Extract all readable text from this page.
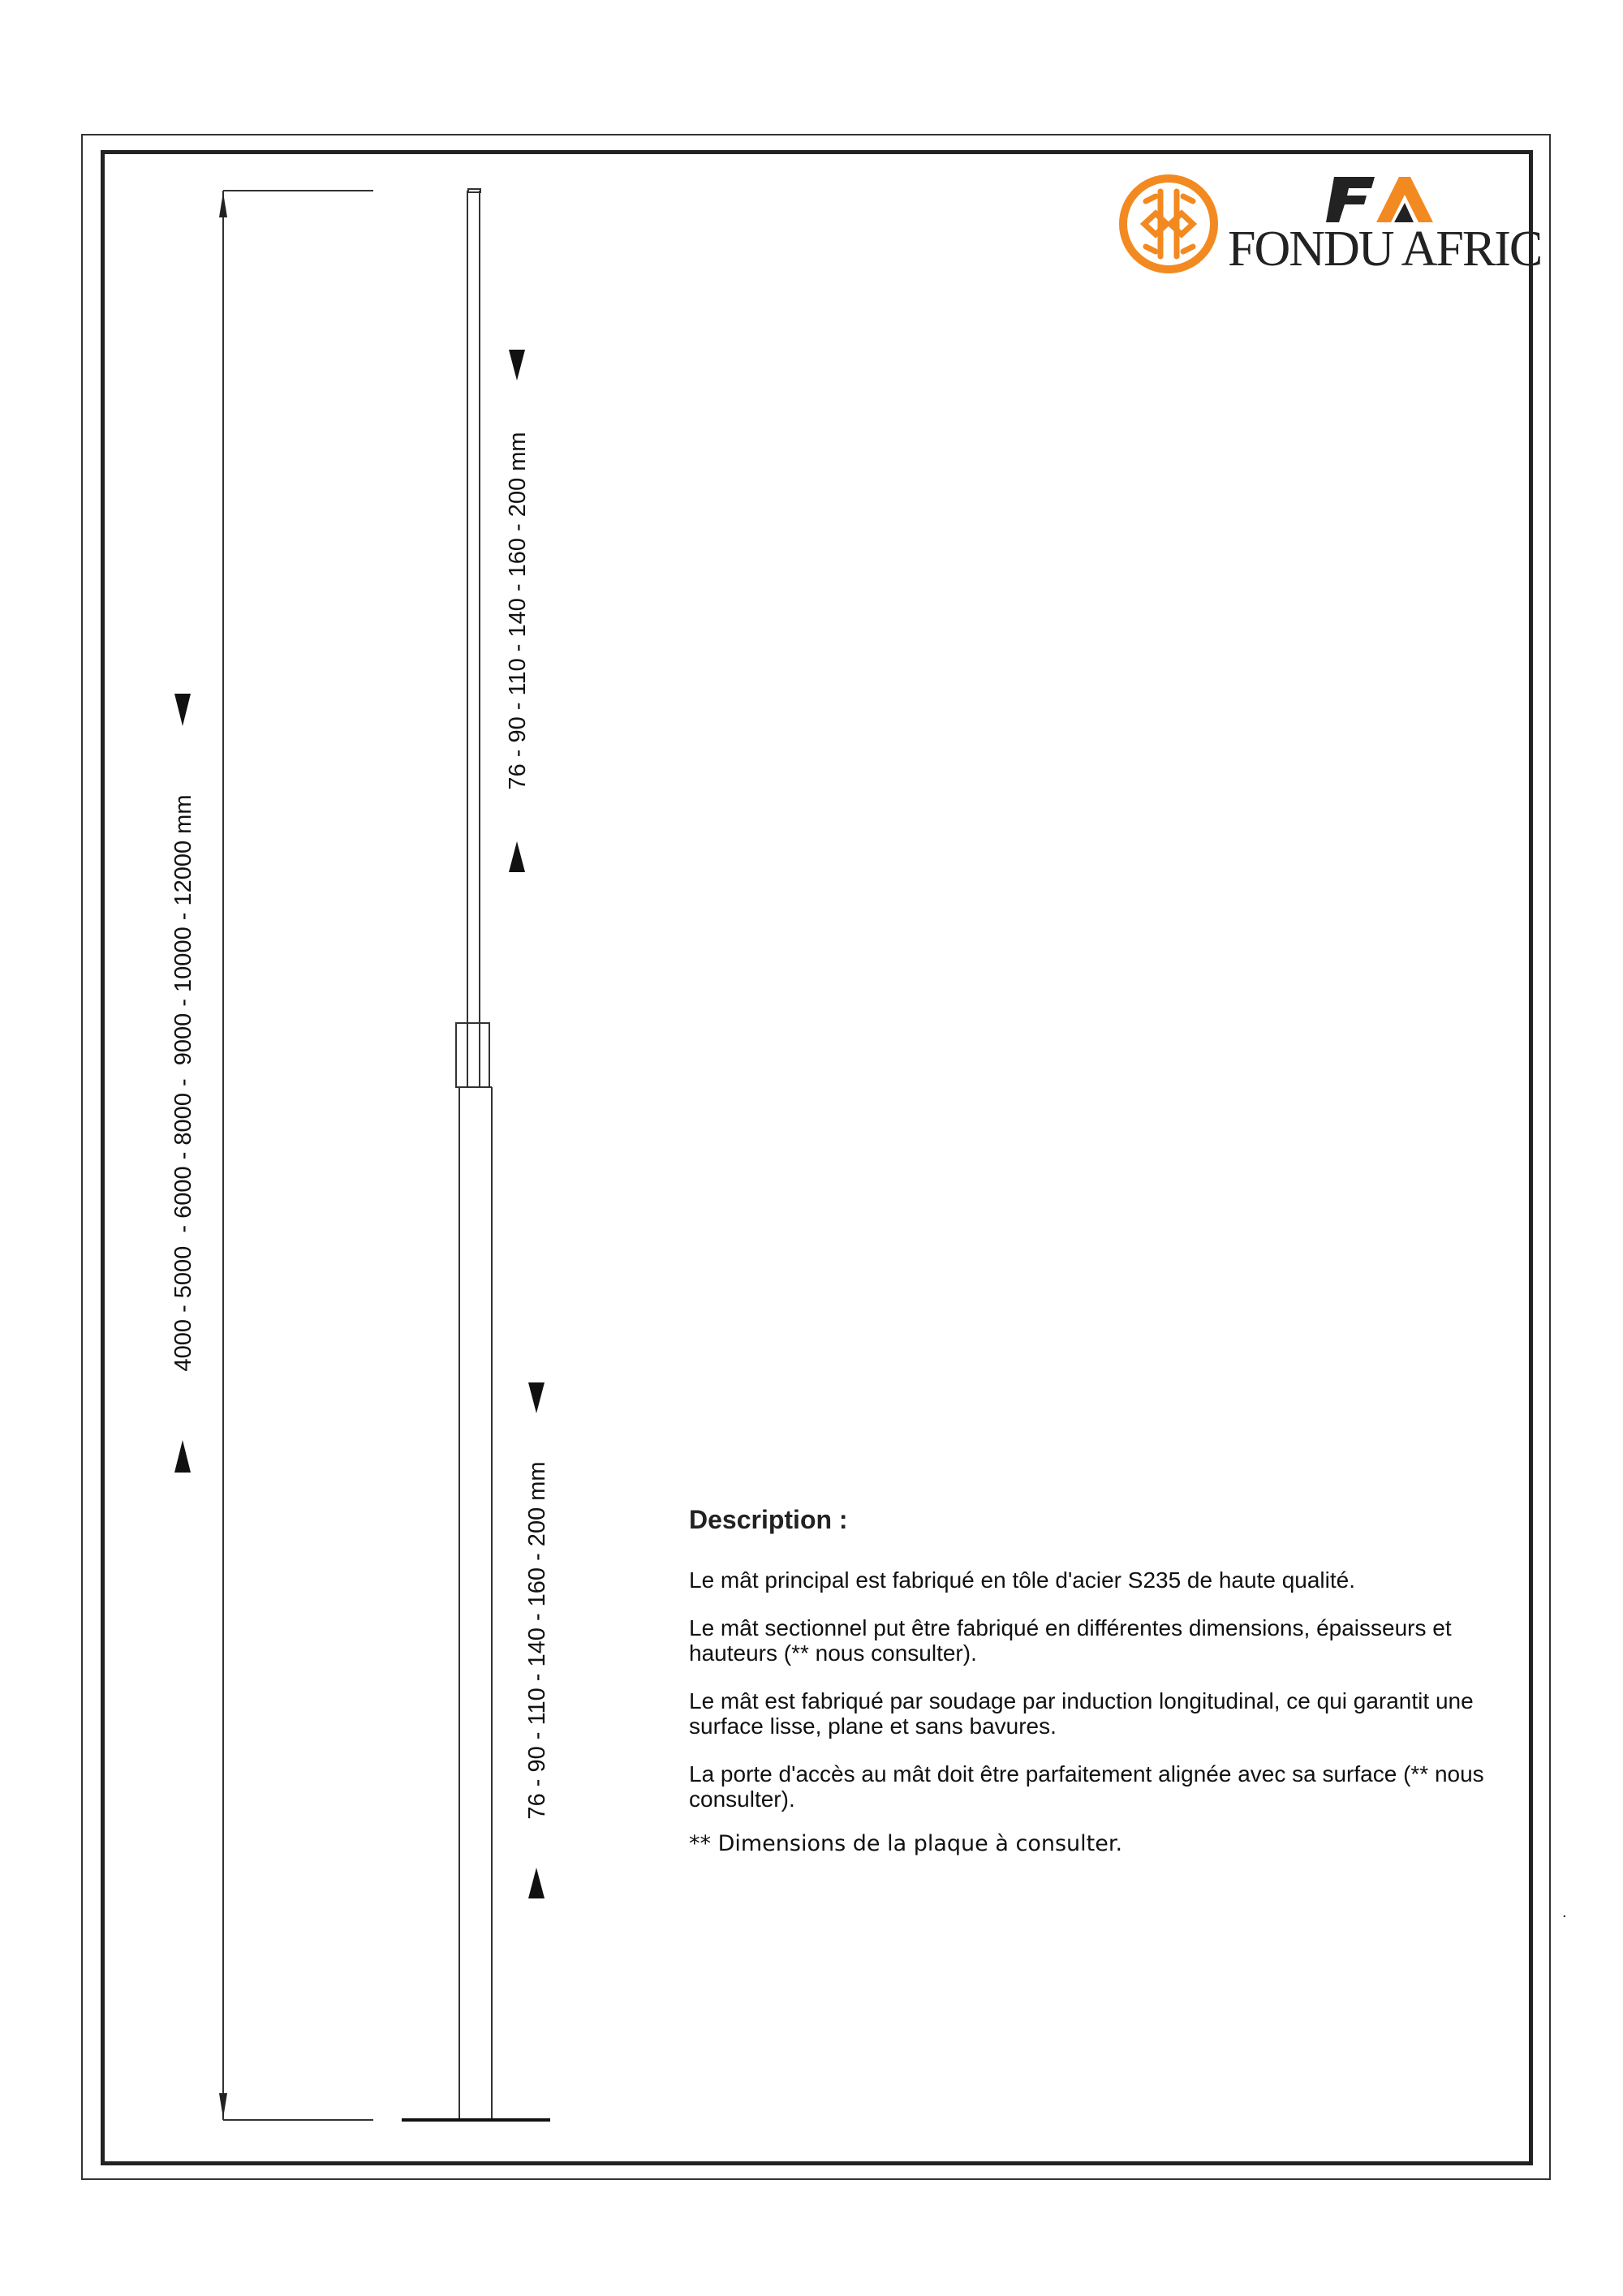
4000 - 5000  - 6000 - 8000 -  9000 - 10000 - 12000 mm
76 - 90 - 110 - 140 - 160 - 200 mm
76 - 90 - 110 - 140 - 160 - 200 mm
FONDU AFRIC
Description :

Le mât principal est fabriqué en tôle d'acier S235 de haute qualité.

Le mât sectionnel put être fabriqué en différentes dimensions, épaisseurs et hauteurs (** nous consulter).

Le mât est fabriqué par soudage par induction longitudinal, ce qui garantit une surface lisse, plane et sans bavures.

La porte d'accès au mât doit être parfaitement alignée avec sa surface (** nous consulter).

** Dimensions de la plaque à consulter.

.
